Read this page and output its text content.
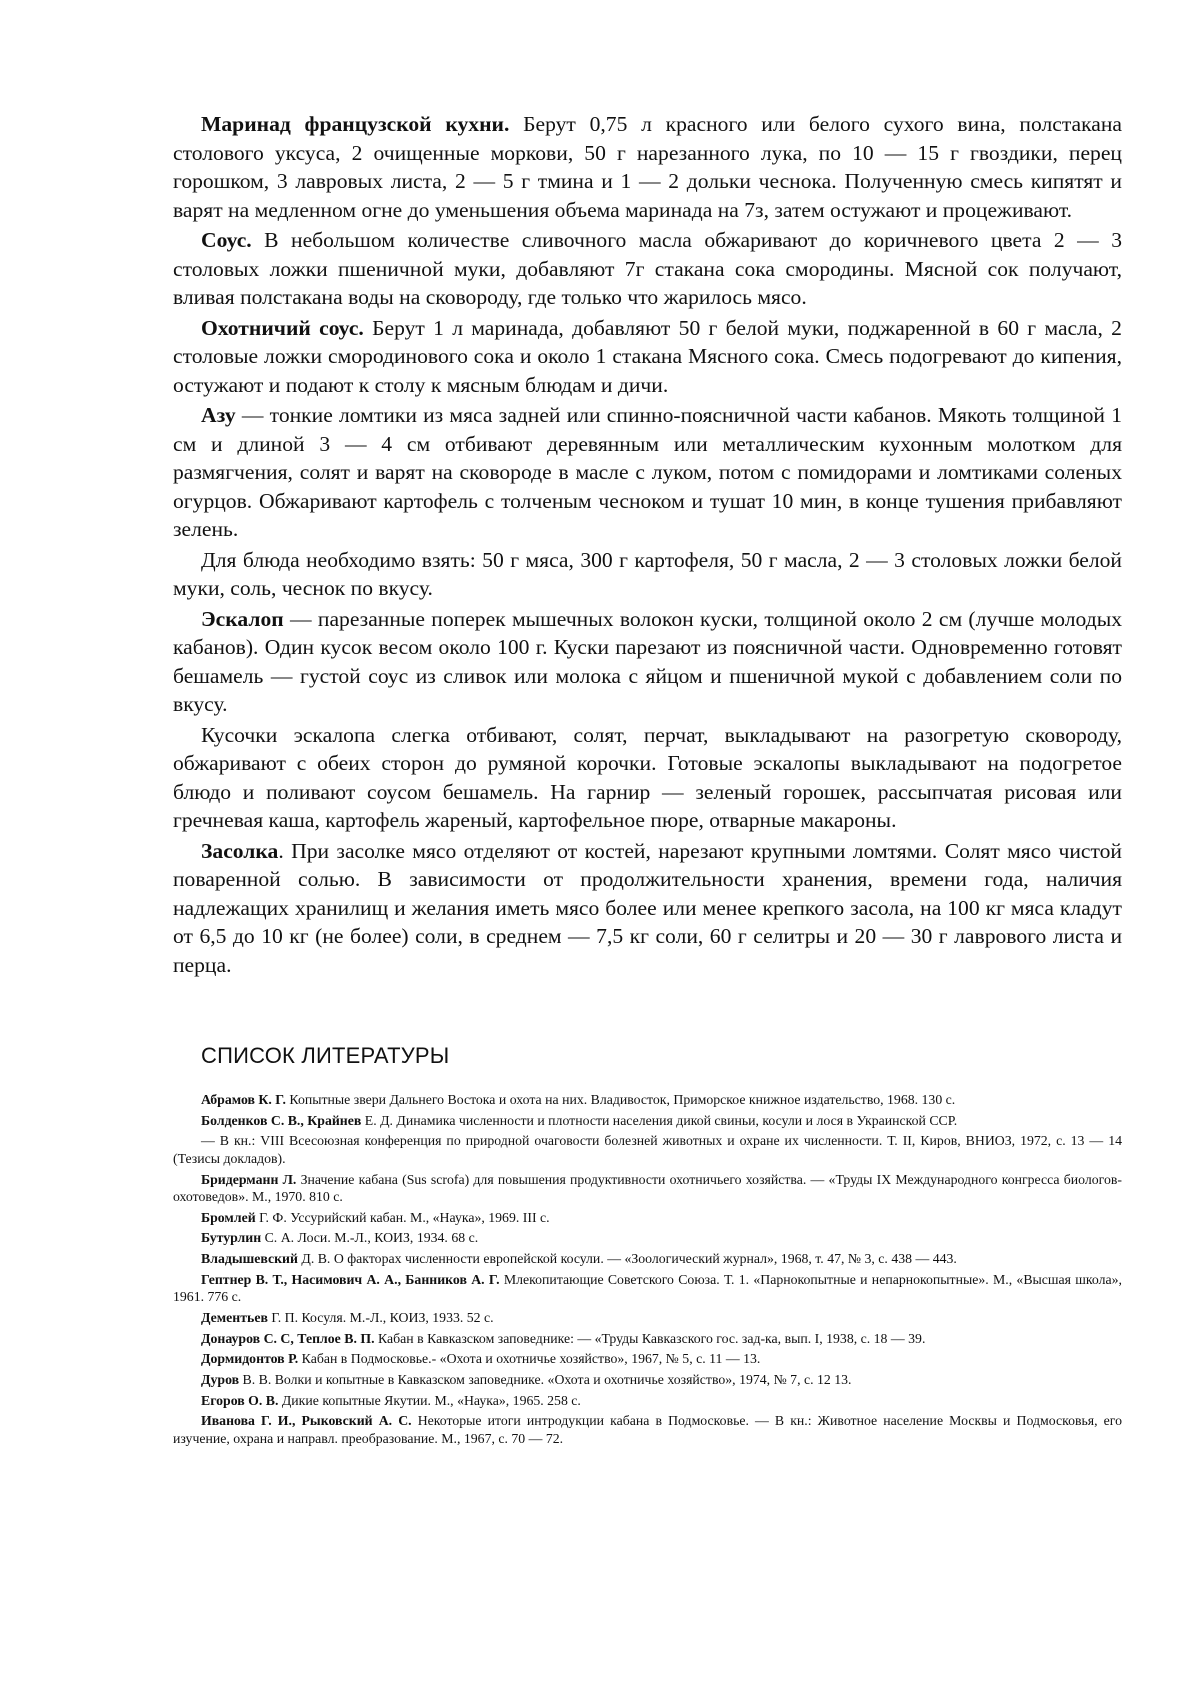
Маринад французской кухни. Берут 0,75 л красного или белого сухого вина, полстакана столового уксуса, 2 очищенные моркови, 50 г нарезанного лука, по 10 — 15 г гвоздики, перец горошком, 3 лавровых листа, 2 — 5 г тмина и 1 — 2 дольки чеснока. Полученную смесь кипятят и варят на медленном огне до уменьшения объема маринада на 7з, затем остужают и процеживают.

Соус. В небольшом количестве сливочного масла обжаривают до коричневого цвета 2 — 3 столовых ложки пшеничной муки, добавляют 7г стакана сока смородины. Мясной сок получают, вливая полстакана воды на сковороду, где только что жарилось мясо.

Охотничий соус. Берут 1 л маринада, добавляют 50 г белой муки, поджаренной в 60 г масла, 2 столовые ложки смородинового сока и около 1 стакана Мясного сока. Смесь подогревают до кипения, остужают и подают к столу к мясным блюдам и дичи.

Азу — тонкие ломтики из мяса задней или спинно-поясничной части кабанов. Мякоть толщиной 1 см и длиной 3 — 4 см отбивают деревянным или металлическим кухонным молотком для размягчения, солят и варят на сковороде в масле с луком, потом с помидорами и ломтиками соленых огурцов. Обжаривают картофель с толченым чесноком и тушат 10 мин, в конце тушения прибавляют зелень.

Для блюда необходимо взять: 50 г мяса, 300 г картофеля, 50 г масла, 2 — 3 столовых ложки белой муки, соль, чеснок по вкусу.

Эскалоп — парезанные поперек мышечных волокон куски, толщиной около 2 см (лучше молодых кабанов). Один кусок весом около 100 г. Куски парезают из поясничной части. Одновременно готовят бешамель — густой соус из сливок или молока с яйцом и пшеничной мукой с добавлением соли по вкусу.

Кусочки эскалопа слегка отбивают, солят, перчат, выкладывают на разогретую сковороду, обжаривают с обеих сторон до румяной корочки. Готовые эскалопы выкладывают на подогретое блюдо и поливают соусом бешамель. На гарнир — зеленый горошек, рассыпчатая рисовая или гречневая каша, картофель жареный, картофельное пюре, отварные макароны.

Засолка. При засолке мясо отделяют от костей, нарезают крупными ломтями. Солят мясо чистой поваренной солью. В зависимости от продолжительности хранения, времени года, наличия надлежащих хранилищ и желания иметь мясо более или менее крепкого засола, на 100 кг мяса кладут от 6,5 до 10 кг (не более) соли, в среднем — 7,5 кг соли, 60 г селитры и 20 — 30 г лаврового листа и перца.

СПИСОК ЛИТЕРАТУРЫ

Абрамов К. Г. Копытные звери Дальнего Востока и охота на них. Владивосток, Приморское книжное издательство, 1968. 130 с.

Болденков С. В., Крайнев Е. Д. Динамика численности и плотности населения дикой свиньи, косули и лося в Украинской ССР.

— В кн.: VIII Всесоюзная конференция по природной очаговости болезней животных и охране их численности. Т. II, Киров, ВНИОЗ, 1972, с. 13 — 14 (Тезисы докладов).

Бридерманн Л. Значение кабана (Sus scrofa) для повышения продуктивности охотничьего хозяйства. — «Труды IX Международного конгресса биологов-охотоведов». М., 1970. 810 с.

Бромлей Г. Ф. Уссурийский кабан. М., «Наука», 1969. III с.

Бутурлин С. А. Лоси. М.-Л., КОИЗ, 1934. 68 с.

Владышевский Д. В. О факторах численности европейской косули. — «Зоологический журнал», 1968, т. 47, № 3, с. 438 — 443.

Гептнер В. Т., Насимович А. А., Банников А. Г. Млекопитающие Советского Союза. Т. 1. «Парнокопытные и непарнокопытные». М., «Высшая школа», 1961. 776 с.

Дементьев Г. П. Косуля. М.-Л., КОИЗ, 1933. 52 с.

Донауров С. С, Теплое В. П. Кабан в Кавказском заповеднике: — «Труды Кавказского гос. зад-ка, вып. I, 1938, с. 18 — 39.

Дормидонтов Р. Кабан в Подмосковье.- «Охота и охотничье хозяйство», 1967, № 5, с. 11 — 13.

Дуров В. В. Волки и копытные в Кавказском заповеднике. «Охота и охотничье хозяйство», 1974, № 7, с. 12 13.

Егоров О. В. Дикие копытные Якутии. М., «Наука», 1965. 258 с.

Иванова Г. И., Рыковский А. С. Некоторые итоги интродукции кабана в Подмосковье. — В кн.: Животное население Москвы и Подмосковья, его изучение, охрана и направл. преобразование. М., 1967, с. 70 — 72.
